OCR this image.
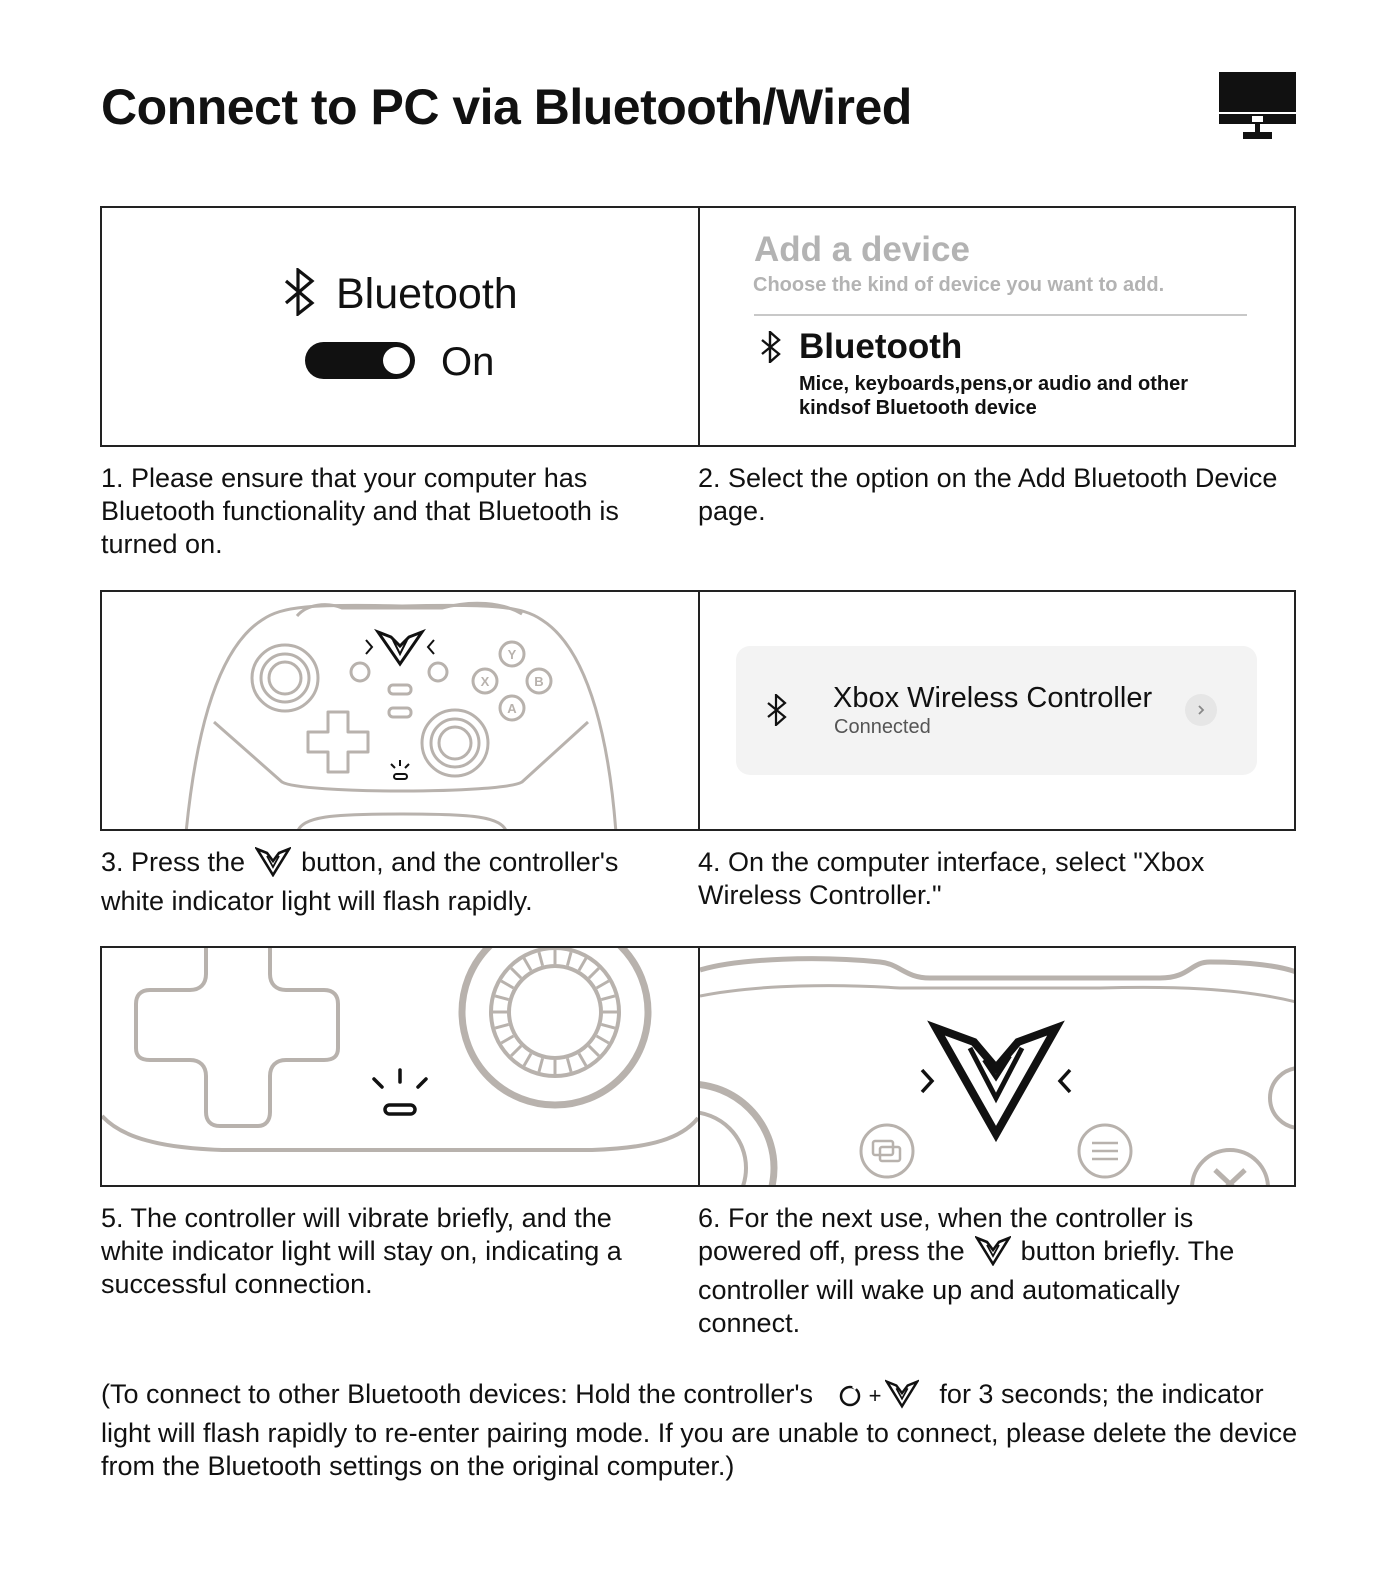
Connect to PC via Bluetooth/Wired
Bluetooth
On
Add a device
Choose the kind of device you want to add.
Bluetooth
Mice, keyboards,pens,or audio and other kindsof Bluetooth device
1. Please ensure that your computer has Bluetooth functionality and that Bluetooth is turned on.
2. Select the option on the Add Bluetooth Device page.
Y
X	B
A	Xbox Wireless Controller
Connected
3. Press the button, and the controller's white indicator light will flash rapidly.
4. On the computer interface, select "Xbox Wireless Controller."
5. The controller will vibrate briefly, and the white indicator light will stay on, indicating a successful connection.
6. For the next use, when the controller is powered off, press the button briefly. The controller will wake up and automatically connect.
(To connect to other Bluetooth devices: Hold the controller's	+ for 3 seconds; the indicator light will flash rapidly to re-enter pairing mode. If you are unable to connect, please delete the device from the Bluetooth settings on the original computer.)
